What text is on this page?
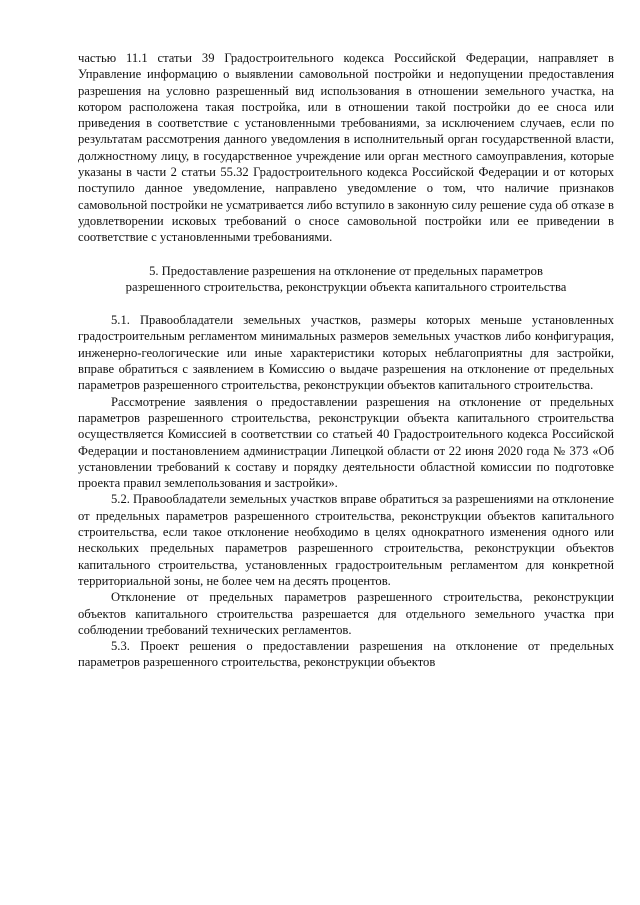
частью 11.1 статьи 39 Градостроительного кодекса Российской Федерации, направляет в Управление информацию о выявлении самовольной постройки и недопущении предоставления разрешения на условно разрешенный вид использования в отношении земельного участка, на котором расположена такая постройка, или в отношении такой постройки до ее сноса или приведения в соответствие с установленными требованиями, за исключением случаев, если по результатам рассмотрения данного уведомления в исполнительный орган государственной власти, должностному лицу, в государственное учреждение или орган местного самоуправления, которые указаны в части 2 статьи 55.32 Градостроительного кодекса Российской Федерации и от которых поступило данное уведомление, направлено уведомление о том, что наличие признаков самовольной постройки не усматривается либо вступило в законную силу решение суда об отказе в удовлетворении исковых требований о сносе самовольной постройки или ее приведении в соответствие с установленными требованиями.

5. Предоставление разрешения на отклонение от предельных параметров

разрешенного строительства, реконструкции объекта капитального строительства

5.1. Правообладатели земельных участков, размеры которых меньше установленных градостроительным регламентом минимальных размеров земельных участков либо конфигурация, инженерно-геологические или иные характеристики которых неблагоприятны для застройки, вправе обратиться с заявлением в Комиссию о выдаче разрешения на отклонение от предельных параметров разрешенного строительства, реконструкции объектов капитального строительства.

Рассмотрение заявления о предоставлении разрешения на отклонение от предельных параметров разрешенного строительства, реконструкции объекта капитального строительства осуществляется Комиссией в соответствии со статьей 40 Градостроительного кодекса Российской Федерации и постановлением администрации Липецкой области от 22 июня 2020 года № 373 «Об установлении требований к составу и порядку деятельности областной комиссии по подготовке проекта правил землепользования и застройки».

5.2. Правообладатели земельных участков вправе обратиться за разрешениями на отклонение от предельных параметров разрешенного строительства, реконструкции объектов капитального строительства, если такое отклонение необходимо в целях однократного изменения одного или нескольких предельных параметров разрешенного строительства, реконструкции объектов капитального строительства, установленных градостроительным регламентом для конкретной территориальной зоны, не более чем на десять процентов.

Отклонение от предельных параметров разрешенного строительства, реконструкции объектов капитального строительства разрешается для отдельного земельного участка при соблюдении требований технических регламентов.

5.3. Проект решения о предоставлении разрешения на отклонение от предельных параметров разрешенного строительства, реконструкции объектов
